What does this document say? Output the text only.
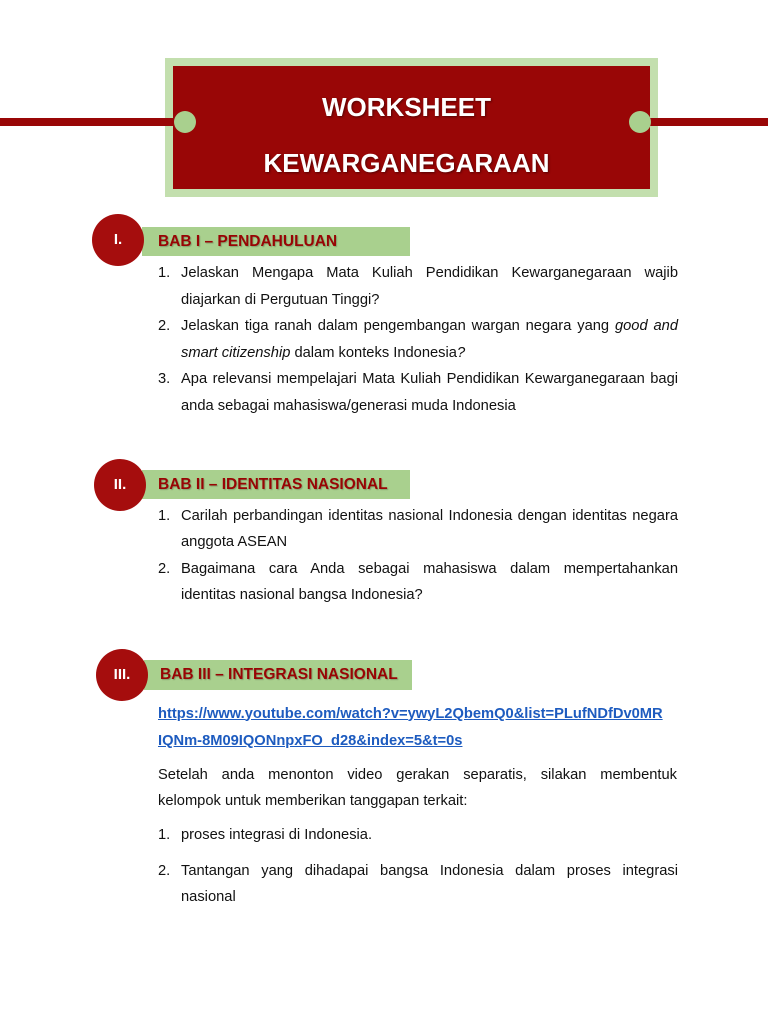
WORKSHEET
KEWARGANEGARAAN
BAB I – PENDAHULUAN
I.
1. Jelaskan Mengapa Mata Kuliah Pendidikan Kewarganegaraan wajib
diajarkan di Pergutuan Tinggi?
2. Jelaskan tiga ranah dalam pengembangan wargan negara yang good and
smart citizenship dalam konteks Indonesia?
3. Apa relevansi mempelajari Mata Kuliah Pendidikan Kewarganegaraan bagi
anda sebagai mahasiswa/generasi muda Indonesia
BAB II – IDENTITAS NASIONAL
II.
1. Carilah perbandingan identitas nasional Indonesia dengan identitas negara
anggota ASEAN
2. Bagaimana cara Anda sebagai mahasiswa dalam mempertahankan
identitas nasional bangsa Indonesia?
BAB III – INTEGRASI NASIONAL
III.
https://www.youtube.com/watch?v=ywyL2QbemQ0&list=PLufNDfDv0MR
IQNm-8M09IQONnpxFO_d28&index=5&t=0s
Setelah anda menonton video gerakan separatis, silakan membentuk
kelompok untuk memberikan tanggapan terkait:
1. proses integrasi di Indonesia.
2. Tantangan yang dihadapai bangsa Indonesia dalam proses integrasi
nasional
